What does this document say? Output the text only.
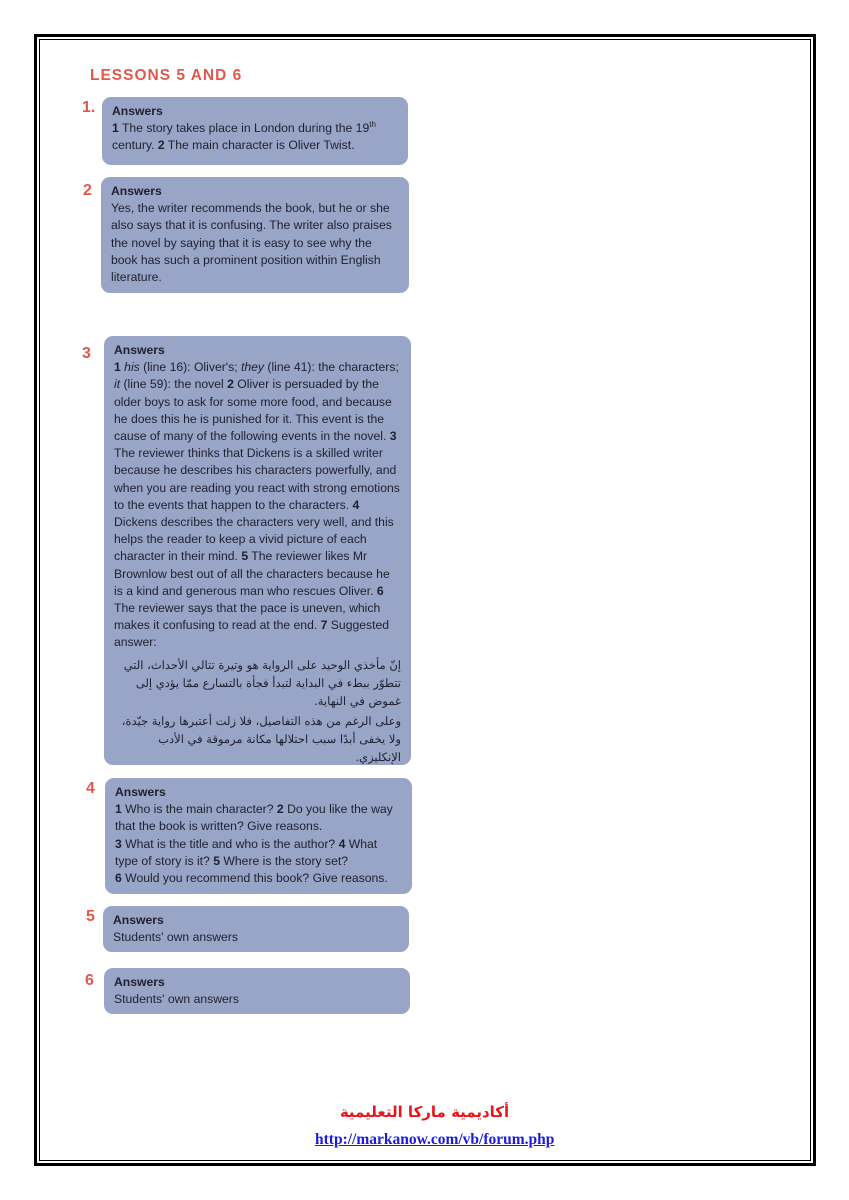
LESSONS 5 AND 6
1. Answers

1 The story takes place in London during the 19th century. 2 The main character is Oliver Twist.

2 Answers

Yes, the writer recommends the book, but he or she also says that it is confusing. The writer also praises the novel by saying that it is easy to see why the book has such a prominent position within English literature.

3 Answers

1 his (line 16): Oliver's; they (line 41): the characters; it (line 59): the novel 2 Oliver is persuaded by the older boys to ask for some more food, and because he does this he is punished for it. This event is the cause of many of the following events in the novel. 3 The reviewer thinks that Dickens is a skilled writer because he describes his characters powerfully, and when you are reading you react with strong emotions to the events that happen to the characters. 4 Dickens describes the characters very well, and this helps the reader to keep a vivid picture of each character in their mind. 5 The reviewer likes Mr Brownlow best out of all the characters because he is a kind and generous man who rescues Oliver. 6 The reviewer says that the pace is uneven, which makes it confusing to read at the end. 7 Suggested answer:

إنّ مأخذي الوحيد على الرواية هو وتيرة تتالي الأحداث، التي تتطوّر ببطء في البداية لتبدأ فجأة بالتسارع ممّا يؤدي إلى غموض في النهاية.

وعلى الرغم من هذه التفاصيل، فلا زلت أعتبرها رواية جيّدة، ولا يخفى أبدًا سبب احتلالها مكانة مرموقة في الأدب الإنكليزي.

4 Answers

1 Who is the main character? 2 Do you like the way that the book is written? Give reasons.
3 What is the title and who is the author? 4 What type of story is it? 5 Where is the story set?
6 Would you recommend this book? Give reasons.

5 Answers

Students' own answers

6 Answers

Students' own answers

أكاديمية ماركا التعليمية
http://markanow.com/vb/forum.php
